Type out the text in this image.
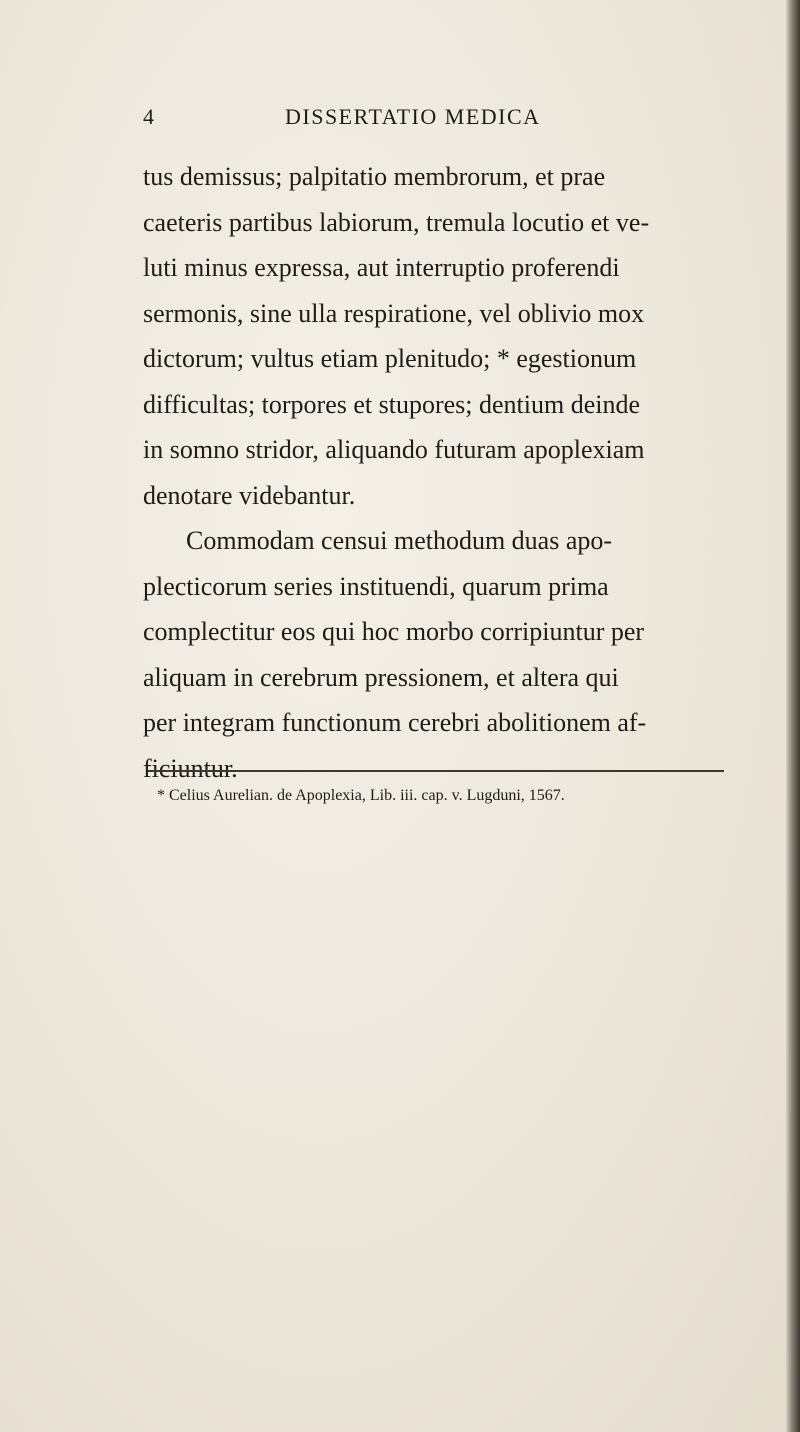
4	DISSERTATIO MEDICA
tus demissus; palpitatio membrorum, et prae
caeteris partibus labiorum, tremula locutio et ve-
luti minus expressa, aut interruptio proferendi
sermonis, sine ulla respiratione, vel oblivio mox
dictorum; vultus etiam plenitudo; * egestionum
difficultas; torpores et stupores; dentium deinde
in somno stridor, aliquando futuram apoplexiam
denotare videbantur.
Commodam censui methodum duas apo-
plecticorum series instituendi, quarum prima
complectitur eos qui hoc morbo corripiuntur per
aliquam in cerebrum pressionem, et altera qui
per integram functionum cerebri abolitionem af-
ficiuntur.
* Celius Aurelian. de Apoplexia, Lib. iii. cap. v. Lugduni, 1567.
